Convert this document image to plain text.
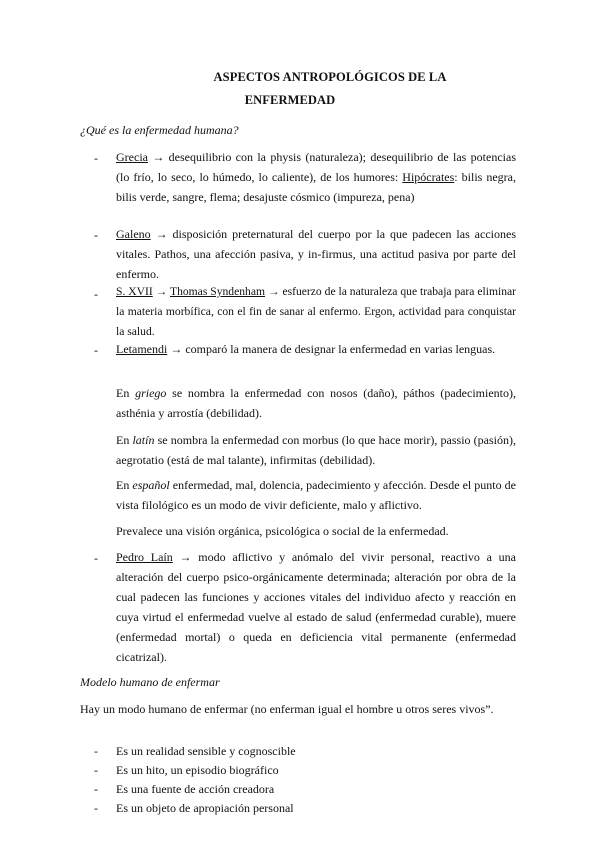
ASPECTOS ANTROPOLÓGICOS DE LA
ENFERMEDAD
¿Qué es la enfermedad humana?
- Grecia → desequilibrio con la physis (naturaleza); desequilibrio de las potencias (lo frío, lo seco, lo húmedo, lo caliente), de los humores: Hipócrates: bilis negra, bilis verde, sangre, flema; desajuste cósmico (impureza, pena)
- Galeno → disposición preternatural del cuerpo por la que padecen las acciones vitales. Pathos, una afección pasiva, y in-firmus, una actitud pasiva por parte del enfermo.
- S. XVII → Thomas Syndenham → esfuerzo de la naturaleza que trabaja para eliminar la materia morbífica, con el fin de sanar al enfermo. Ergon, actividad para conquistar la salud.
- Letamendi → comparó la manera de designar la enfermedad en varias lenguas.
En griego se nombra la enfermedad con nosos (daño), páthos (padecimiento), asthénia y arrostía (debilidad).
En latín se nombra la enfermedad con morbus (lo que hace morir), passio (pasión), aegrotatio (está de mal talante), infirmitas (debilidad).
En español enfermedad, mal, dolencia, padecimiento y afección. Desde el punto de vista filológico es un modo de vivir deficiente, malo y aflictivo.
Prevalece una visión orgánica, psicológica o social de la enfermedad.
- Pedro Laín → modo aflictivo y anómalo del vivir personal, reactivo a una alteración del cuerpo psico-orgánicamente determinada; alteración por obra de la cual padecen las funciones y acciones vitales del individuo afecto y reacción en cuya virtud el enfermedad vuelve al estado de salud (enfermedad curable), muere (enfermedad mortal) o queda en deficiencia vital permanente (enfermedad cicatrizal).
Modelo humano de enfermar
Hay un modo humano de enfermar (no enferman igual el hombre u otros seres vivos”.
- Es un realidad sensible y cognoscible
- Es un hito, un episodio biográfico
- Es una fuente de acción creadora
- Es un objeto de apropiación personal
